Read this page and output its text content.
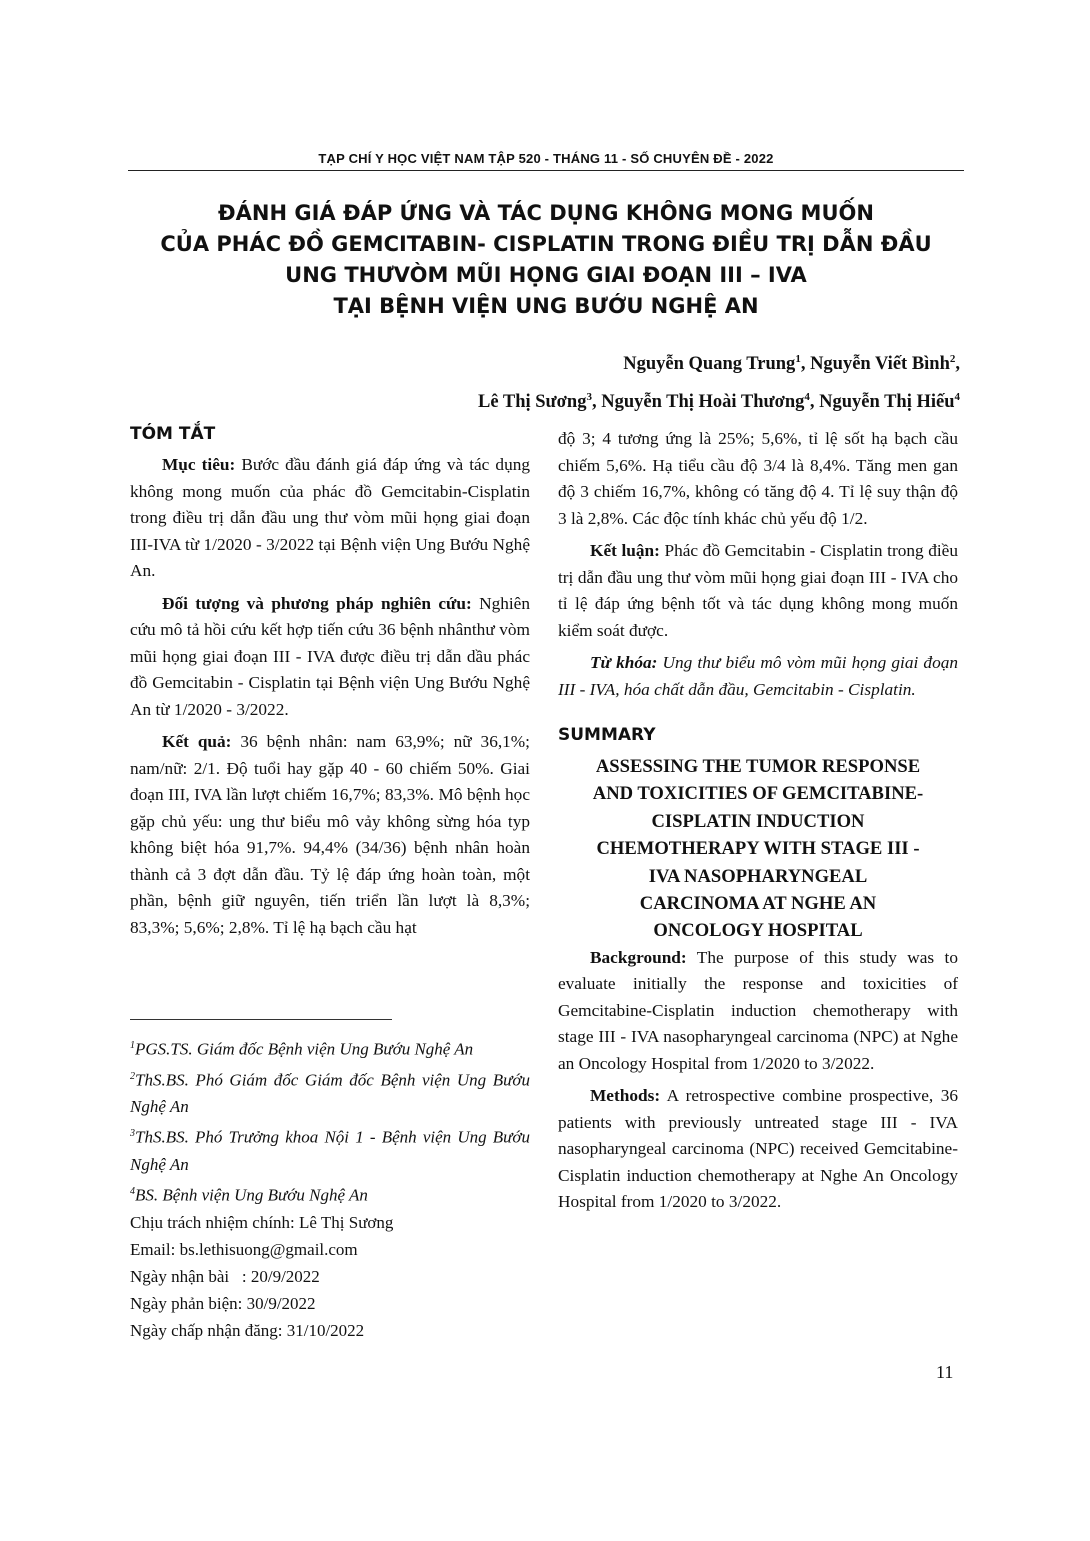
TẠP CHÍ Y HỌC VIỆT NAM TẬP 520 - THÁNG 11 - SỐ CHUYÊN ĐỀ - 2022
ĐÁNH GIÁ ĐÁP ỨNG VÀ TÁC DỤNG KHÔNG MONG MUỐN
CỦA PHÁC ĐỒ GEMCITABIN- CISPLATIN TRONG ĐIỀU TRỊ DẪN ĐẦU
UNG THƯVÒM MŨI HỌNG GIAI ĐOẠN III – IVA
TẠI BỆNH VIỆN UNG BƯỚU NGHỆ AN
Nguyễn Quang Trung$^1$, Nguyễn Viết Bình$^2$,
Lê Thị Sương$^3$, Nguyễn Thị Hoài Thương$^4$, Nguyễn Thị Hiếu$^4$
TÓM TẮT

Mục tiêu: Bước đầu đánh giá đáp ứng và tác dụng không mong muốn của phác đồ Gemcitabin-Cisplatin trong điều trị dẫn đầu ung thư vòm mũi họng giai đoạn III-IVA từ 1/2020 - 3/2022 tại Bệnh viện Ung Bướu Nghệ An.

Đối tượng và phương pháp nghiên cứu: Nghiên cứu mô tả hồi cứu kết hợp tiến cứu 36 bệnh nhânthư vòm mũi họng giai đoạn III - IVA được điều trị dẫn dầu phác đồ Gemcitabin - Cisplatin tại Bệnh viện Ung Bướu Nghệ An từ 1/2020 - 3/2022.

Kết quả: 36 bệnh nhân: nam 63,9%; nữ 36,1%; nam/nữ: 2/1. Độ tuổi hay gặp 40 - 60 chiếm 50%. Giai đoạn III, IVA lần lượt chiếm 16,7%; 83,3%. Mô bệnh học gặp chủ yếu: ung thư biểu mô vảy không sừng hóa typ không biệt hóa 91,7%. 94,4% (34/36) bệnh nhân hoàn thành cả 3 đợt dẫn đầu. Tỷ lệ đáp ứng hoàn toàn, một phần, bệnh giữ nguyên, tiến triển lần lượt là 8,3%; 83,3%; 5,6%; 2,8%. Tỉ lệ hạ bạch cầu hạt

$^1$PGS.TS. Giám đốc Bệnh viện Ung Bướu Nghệ An
$^2$ThS.BS. Phó Giám đốc Giám đốc Bệnh viện Ung Bướu Nghệ An
$^3$ThS.BS. Phó Trưởng khoa Nội 1 - Bệnh viện Ung Bướu Nghệ An
$^4$BS. Bệnh viện Ung Bướu Nghệ An
Chịu trách nhiệm chính: Lê Thị Sương
Email: bs.lethisuong@gmail.com
Ngày nhận bài   : 20/9/2022
Ngày phản biện: 30/9/2022
Ngày chấp nhận đăng: 31/10/2022

độ 3; 4 tương ứng là 25%; 5,6%, tỉ lệ sốt hạ bạch cầu chiếm 5,6%. Hạ tiểu cầu độ 3/4 là 8,4%. Tăng men gan độ 3 chiếm 16,7%, không có tăng độ 4. Tỉ lệ suy thận độ 3 là 2,8%. Các độc tính khác chủ yếu độ 1/2.

Kết luận: Phác đồ Gemcitabin - Cisplatin trong điều trị dẫn đầu ung thư vòm mũi họng giai đoạn III - IVA cho tỉ lệ đáp ứng bệnh tốt và tác dụng không mong muốn kiểm soát được.

Từ khóa: Ung thư biểu mô vòm mũi họng giai đoạn III - IVA, hóa chất dẫn đầu, Gemcitabin - Cisplatin.

SUMMARY
ASSESSING THE TUMOR RESPONSE
AND TOXICITIES OF GEMCITABINE-
CISPLATIN INDUCTION
CHEMOTHERAPY WITH STAGE III -
IVA NASOPHARYNGEAL
CARCINOMA AT NGHE AN
ONCOLOGY HOSPITAL

Background: The purpose of this study was to evaluate initially the response and toxicities of Gemcitabine-Cisplatin induction chemotherapy with stage III - IVA nasopharyngeal carcinoma (NPC) at Nghe an Oncology Hospital from 1/2020 to 3/2022.

Methods: A retrospective combine prospective, 36 patients with previously untreated stage III - IVA nasopharyngeal carcinoma (NPC) received Gemcitabine-Cisplatin induction chemotherapy at Nghe An Oncology Hospital from 1/2020 to 3/2022.

11
